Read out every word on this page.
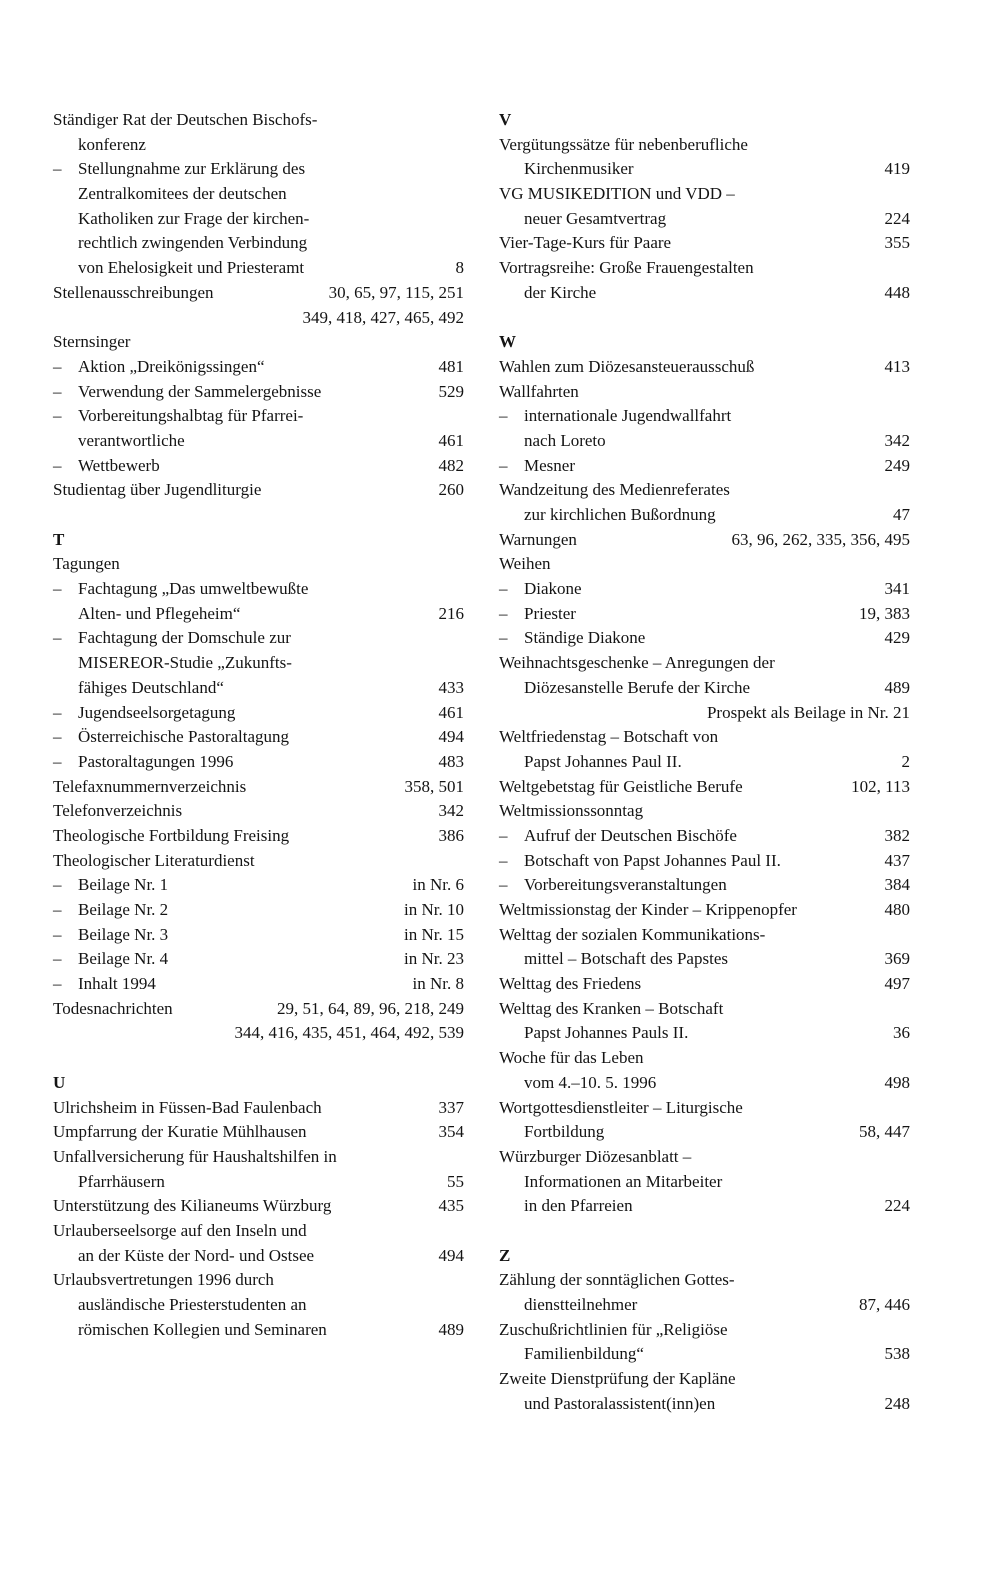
Ständiger Rat der Deutschen Bischofs-
konferenz
– Stellungnahme zur Erklärung des
Zentralkomitees der deutschen
Katholiken zur Frage der kirchen-
rechtlich zwingenden Verbindung
von Ehelosigkeit und Priesteramt	8
Stellenausschreibungen	30, 65, 97, 115, 251
349, 418, 427, 465, 492
Sternsinger
– Aktion „Dreikönigssingen“	481
– Verwendung der Sammelergebnisse	529
– Vorbereitungshalbtag für Pfarrei-
verantwortliche	461
– Wettbewerb	482
Studientag über Jugendliturgie	260
T
Tagungen
– Fachtagung „Das umweltbewußte
Alten- und Pflegeheim“	216
– Fachtagung der Domschule zur
MISEREOR-Studie „Zukunfts-
fähiges Deutschland“	433
– Jugendseelsorgetagung	461
– Österreichische Pastoraltagung	494
– Pastoraltagungen 1996	483
Telefaxnummernverzeichnis	358, 501
Telefonverzeichnis	342
Theologische Fortbildung Freising	386
Theologischer Literaturdienst
– Beilage Nr. 1	in Nr. 6
– Beilage Nr. 2	in Nr. 10
– Beilage Nr. 3	in Nr. 15
– Beilage Nr. 4	in Nr. 23
– Inhalt 1994	in Nr. 8
Todesnachrichten	29, 51, 64, 89, 96, 218, 249
344, 416, 435, 451, 464, 492, 539
U
Ulrichsheim in Füssen-Bad Faulenbach	337
Umpfarrung der Kuratie Mühlhausen	354
Unfallversicherung für Haushaltshilfen in
Pfarrhäusern	55
Unterstützung des Kilianeums Würzburg	435
Urlauberseelsorge auf den Inseln und
an der Küste der Nord- und Ostsee	494
Urlaubsvertretungen 1996 durch
ausländische Priesterstudenten an
römischen Kollegien und Seminaren	489
V
Vergütungssätze für nebenberufliche
Kirchenmusiker	419
VG MUSIKEDITION und VDD –
neuer Gesamtvertrag	224
Vier-Tage-Kurs für Paare	355
Vortragsreihe: Große Frauengestalten
der Kirche	448
W
Wahlen zum Diözesansteuerausschuß	413
Wallfahrten
– internationale Jugendwallfahrt
nach Loreto	342
– Mesner	249
Wandzeitung des Medienreferates
zur kirchlichen Bußordnung	47
Warnungen	63, 96, 262, 335, 356, 495
Weihen
– Diakone	341
– Priester	19, 383
– Ständige Diakone	429
Weihnachtsgeschenke – Anregungen der
Diözesanstelle Berufe der Kirche	489
Prospekt als Beilage in Nr. 21
Weltfriedenstag – Botschaft von
Papst Johannes Paul II.	2
Weltgebetstag für Geistliche Berufe	102, 113
Weltmissionssonntag
– Aufruf der Deutschen Bischöfe	382
– Botschaft von Papst Johannes Paul II.	437
– Vorbereitungsveranstaltungen	384
Weltmissionstag der Kinder – Krippenopfer	480
Welttag der sozialen Kommunikations-
mittel – Botschaft des Papstes	369
Welttag des Friedens	497
Welttag des Kranken – Botschaft
Papst Johannes Pauls II.	36
Woche für das Leben
vom 4.–10. 5. 1996	498
Wortgottesdienstleiter – Liturgische
Fortbildung	58, 447
Würzburger Diözesanblatt –
Informationen an Mitarbeiter
in den Pfarreien	224
Z
Zählung der sonntäglichen Gottes-
dienstteilnehmer	87, 446
Zuschußrichtlinien für „Religiöse
Familienbildung“	538
Zweite Dienstprüfung der Kapläne
und Pastoralassistent(inn)en	248
